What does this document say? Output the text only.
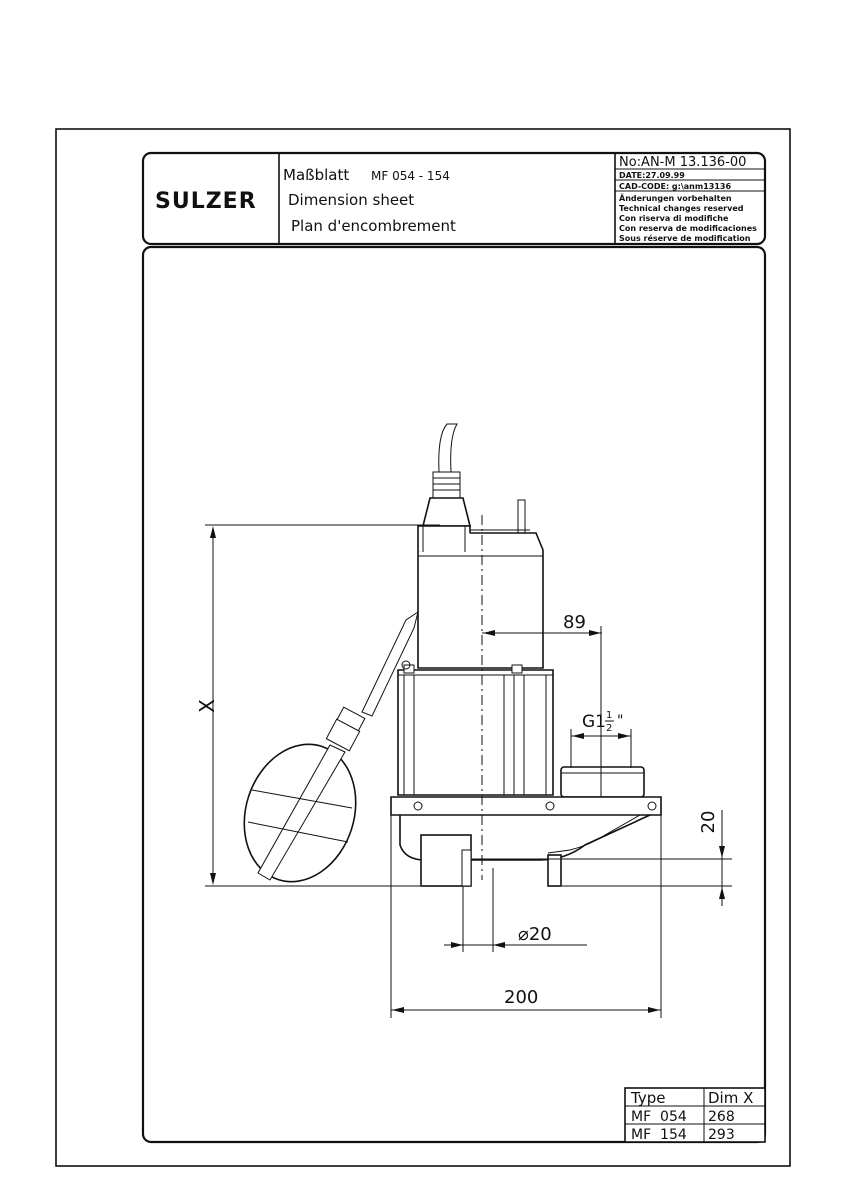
SULZER
Maßblatt MF 054 - 154
Dimension sheet
Plan d'encombrement
No:AN-M 13.136-00
DATE:27.09.99
CAD-CODE: g:\anm13136
Änderungen vorbehalten
Technical changes reserved
Con riserva di modifiche
Con reserva de modificaciones
Sous réserve de modification
X
89
G1 1
2 "
20
⌀20
200
Type	Dim X
MF  054 268
MF  154 293
